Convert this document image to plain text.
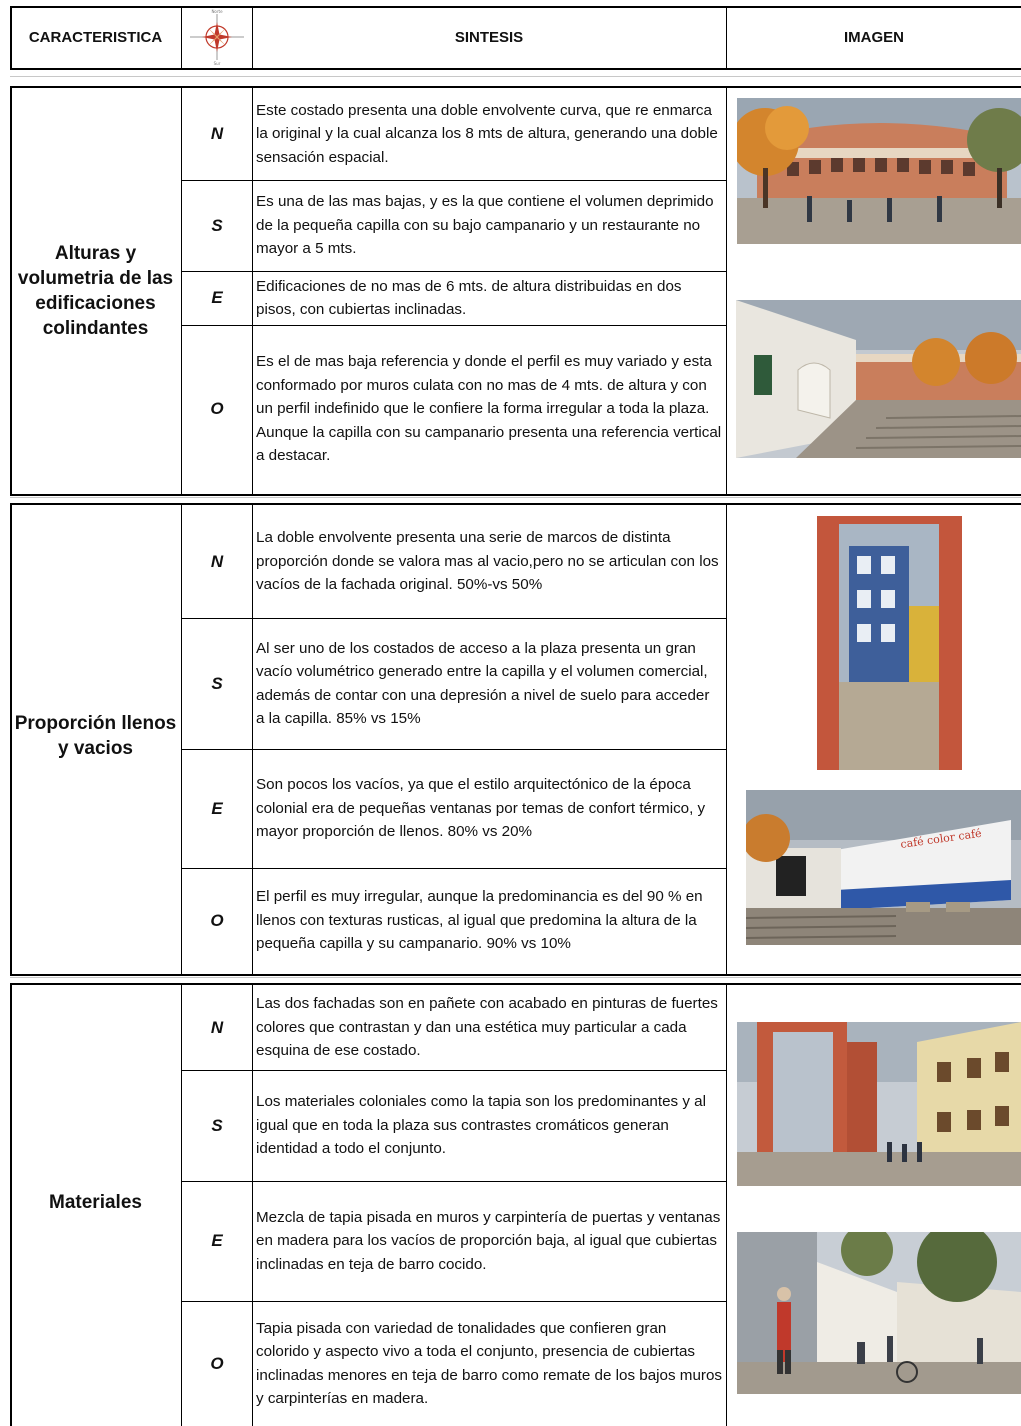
CARACTERISTICA
Norte
Sur
SINTESIS	IMAGEN
Alturas y volumetria de las edificaciones colindantes
Proporción llenos y vacios
Materiales
N
S
E
O
N
S
E
O
N
S
E
O
Este costado presenta una doble envolvente curva, que re enmarca la original y la cual alcanza los 8 mts de altura, generando una doble sensación espacial.
Es una de las mas bajas, y es la que contiene el volumen deprimido de la pequeña capilla con su bajo campanario y un restaurante no mayor a 5 mts.
Edificaciones de no mas de 6 mts. de altura distribuidas en dos pisos, con cubiertas inclinadas.
Es el de mas baja referencia y donde el perfil es muy variado y esta conformado por muros culata con no mas de 4 mts. de altura y con un perfil indefinido que le confiere la forma irregular a toda la plaza. Aunque la capilla con su campanario presenta una referencia vertical a destacar.
La doble envolvente presenta una serie de marcos de distinta proporción donde se valora mas al vacio,pero no se articulan con los vacíos de la fachada original. 50%-vs 50%
Al ser uno de los costados de acceso a la plaza presenta un gran vacío volumétrico generado entre la capilla y el volumen comercial, además de contar con una depresión a nivel de suelo para acceder a la capilla. 85% vs 15%
Son pocos los vacíos, ya que el estilo arquitectónico de la época colonial era de pequeñas ventanas por temas de confort térmico, y mayor proporción de llenos. 80% vs 20%
El perfil es muy irregular, aunque la predominancia es del 90 % en llenos con texturas rusticas, al igual que predomina la altura de la pequeña capilla y su campanario. 90% vs 10%
Las dos fachadas son en pañete con acabado en pinturas de fuertes colores que contrastan y dan una estética muy particular a cada esquina de ese costado.
Los materiales coloniales como la tapia son los predominantes y al igual que en toda la plaza sus contrastes cromáticos generan identidad a todo el conjunto.
Mezcla de tapia pisada en muros y carpintería de puertas y ventanas en madera para los vacíos de proporción baja, al igual que cubiertas inclinadas en teja de barro cocido.
Tapia pisada con variedad de tonalidades que confieren gran colorido y aspecto vivo a toda el conjunto, presencia de cubiertas inclinadas menores en teja de barro como remate de los bajos muros y carpinterías en madera.
café color café
